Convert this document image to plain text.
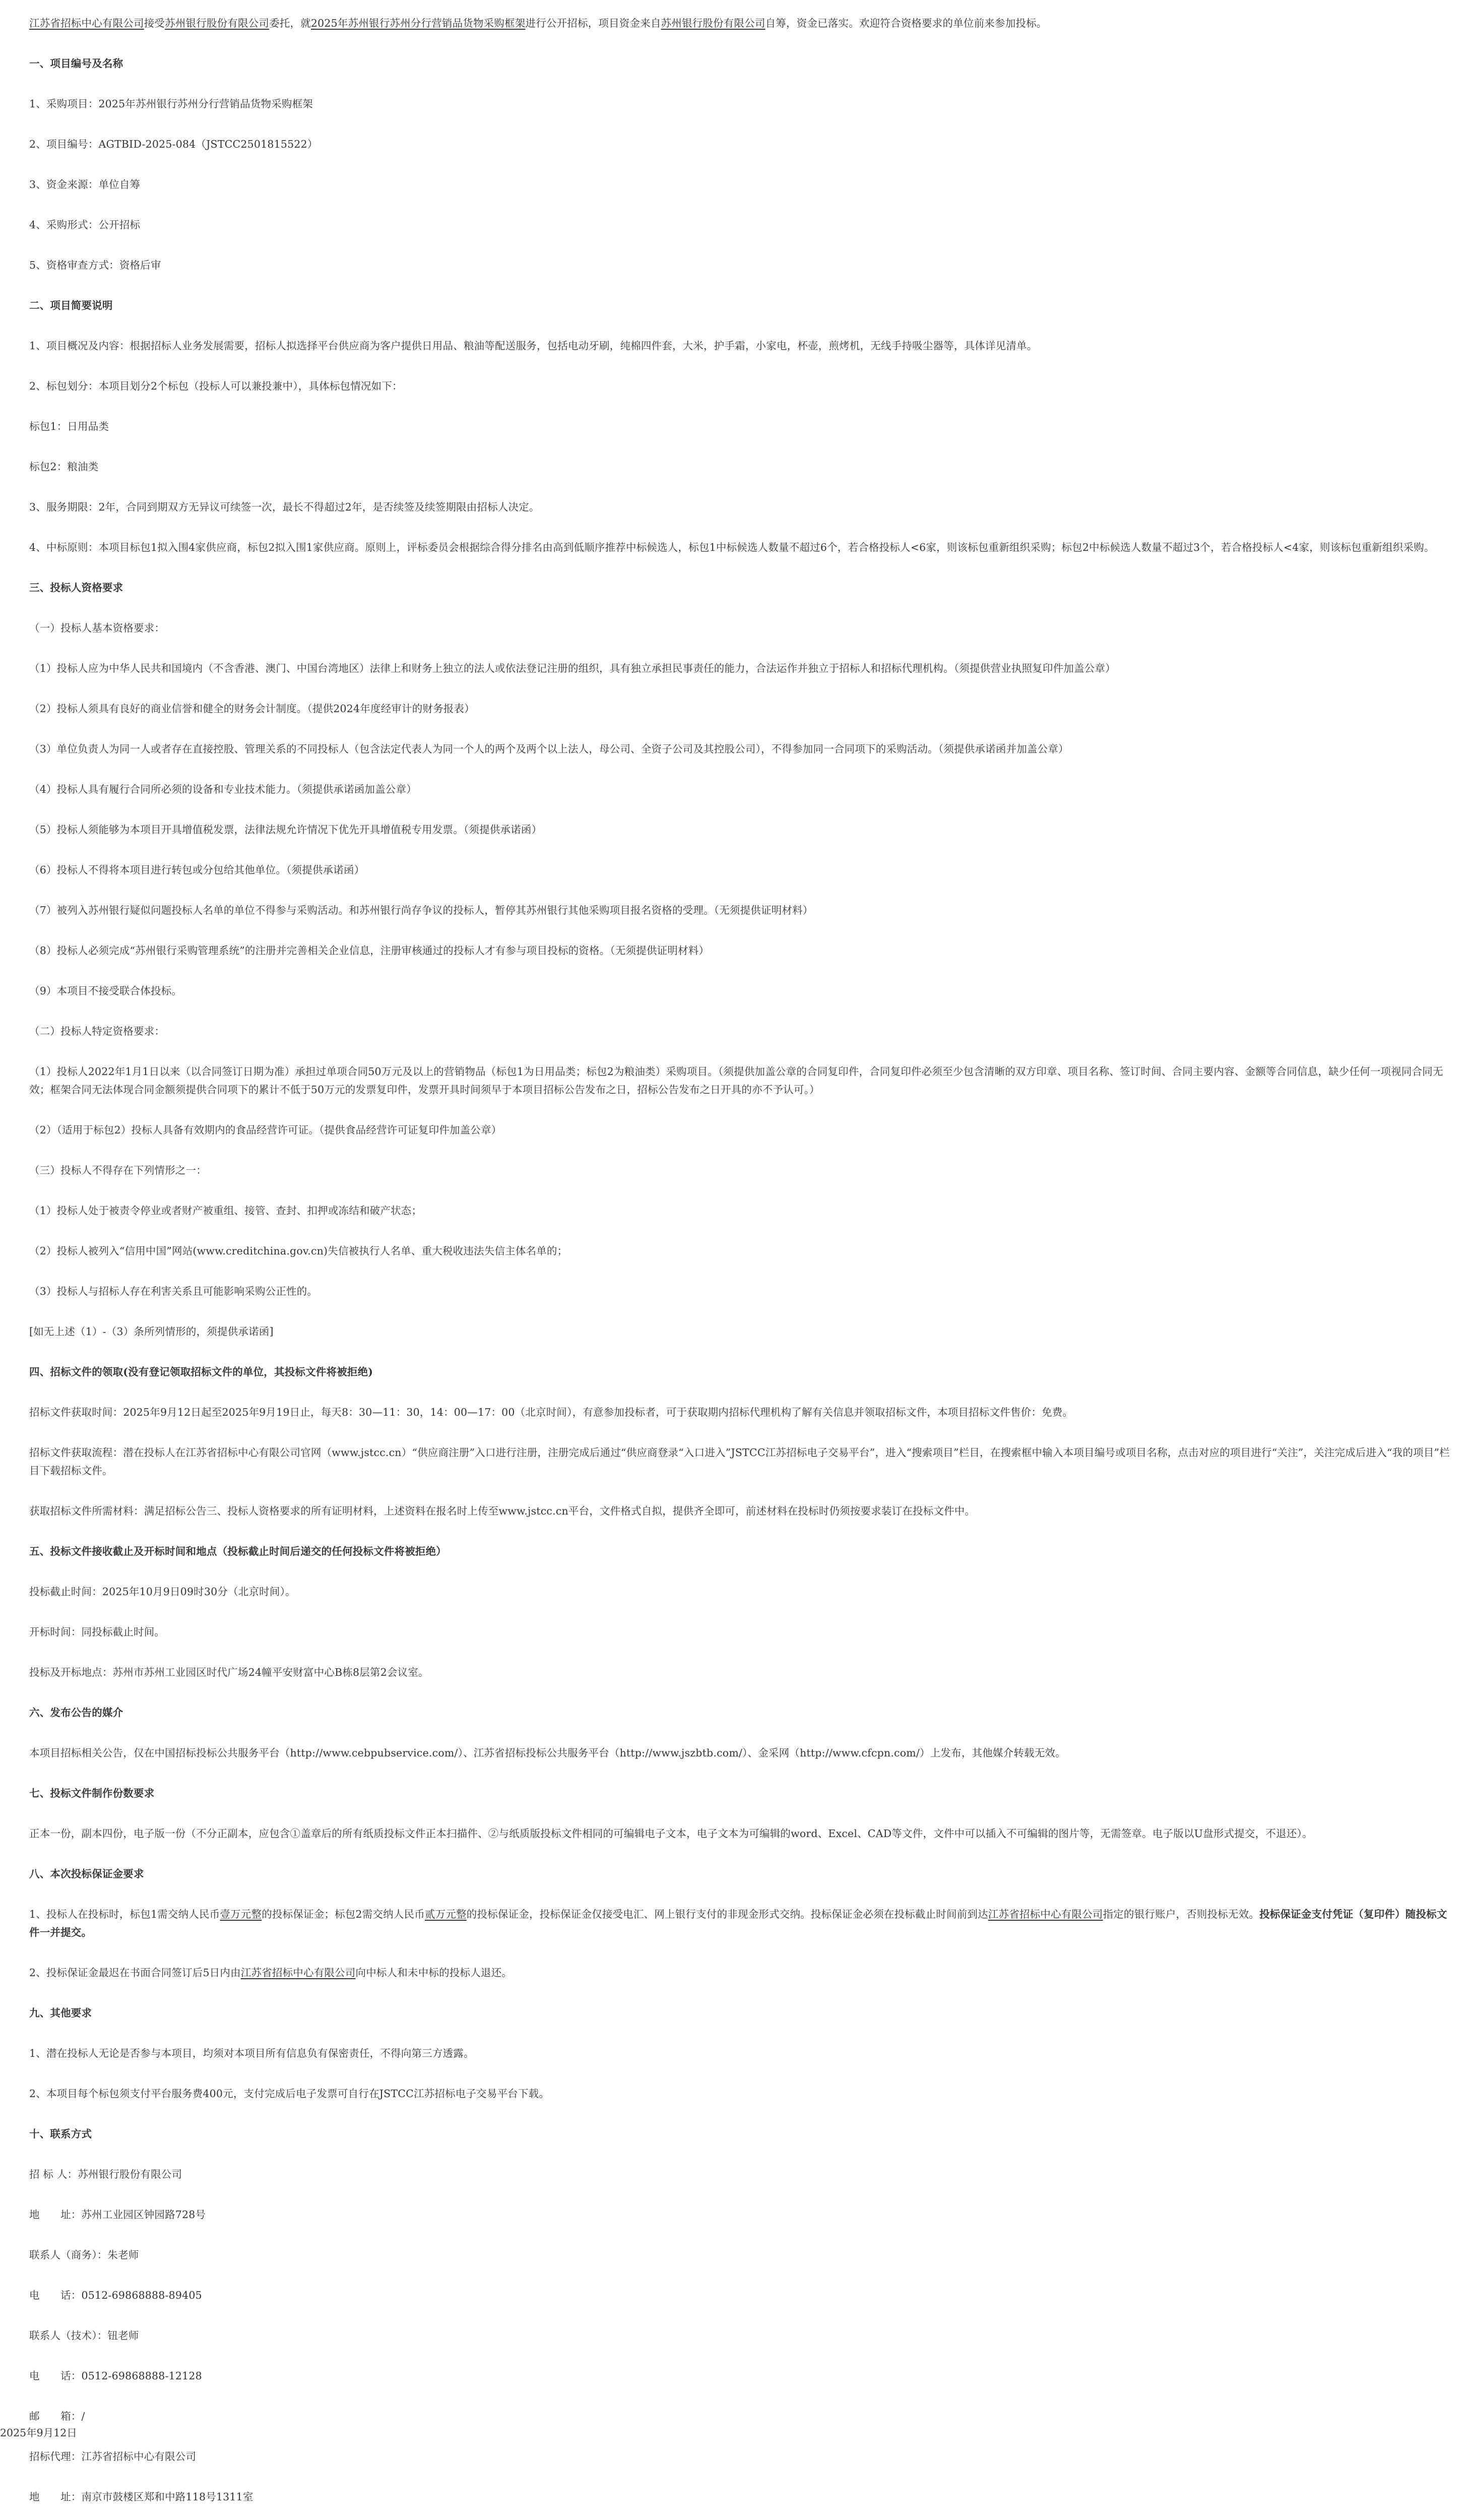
江苏省招标中心有限公司接受苏州银行股份有限公司委托，就2025年苏州银行苏州分行营销品货物采购框架进行公开招标，项目资金来自苏州银行股份有限公司自筹，资金已落实。欢迎符合资格要求的单位前来参加投标。

一、项目编号及名称

1、采购项目：2025年苏州银行苏州分行营销品货物采购框架

2、项目编号：AGTBID-2025-084（JSTCC2501815522）

3、资金来源：单位自筹

4、采购形式：公开招标

5、资格审查方式：资格后审

二、项目简要说明

1、项目概况及内容：根据招标人业务发展需要，招标人拟选择平台供应商为客户提供日用品、粮油等配送服务，包括电动牙刷，纯棉四件套，大米，护手霜，小家电，杯壶，煎烤机，无线手持吸尘器等，具体详见清单。

2、标包划分：本项目划分2个标包（投标人可以兼投兼中），具体标包情况如下：

标包1：日用品类

标包2：粮油类

3、服务期限：2年，合同到期双方无异议可续签一次，最长不得超过2年，是否续签及续签期限由招标人决定。

4、中标原则：本项目标包1拟入围4家供应商，标包2拟入围1家供应商。原则上，评标委员会根据综合得分排名由高到低顺序推荐中标候选人，标包1中标候选人数量不超过6个，若合格投标人<6家，则该标包重新组织采购；标包2中标候选人数量不超过3个，若合格投标人<4家，则该标包重新组织采购。

三、投标人资格要求

（一）投标人基本资格要求：

（1）投标人应为中华人民共和国境内（不含香港、澳门、中国台湾地区）法律上和财务上独立的法人或依法登记注册的组织，具有独立承担民事责任的能力，合法运作并独立于招标人和招标代理机构。（须提供营业执照复印件加盖公章）

（2）投标人须具有良好的商业信誉和健全的财务会计制度。（提供2024年度经审计的财务报表）

（3）单位负责人为同一人或者存在直接控股、管理关系的不同投标人（包含法定代表人为同一个人的两个及两个以上法人，母公司、全资子公司及其控股公司），不得参加同一合同项下的采购活动。（须提供承诺函并加盖公章）

（4）投标人具有履行合同所必须的设备和专业技术能力。（须提供承诺函加盖公章）

（5）投标人须能够为本项目开具增值税发票，法律法规允许情况下优先开具增值税专用发票。（须提供承诺函）

（6）投标人不得将本项目进行转包或分包给其他单位。（须提供承诺函）

（7）被列入苏州银行疑似问题投标人名单的单位不得参与采购活动。和苏州银行尚存争议的投标人，暂停其苏州银行其他采购项目报名资格的受理。（无须提供证明材料）

（8）投标人必须完成“苏州银行采购管理系统”的注册并完善相关企业信息，注册审核通过的投标人才有参与项目投标的资格。（无须提供证明材料）

（9）本项目不接受联合体投标。

（二）投标人特定资格要求：

（1）投标人2022年1月1日以来（以合同签订日期为准）承担过单项合同50万元及以上的营销物品（标包1为日用品类；标包2为粮油类）采购项目。（须提供加盖公章的合同复印件，合同复印件必须至少包含清晰的双方印章、项目名称、签订时间、合同主要内容、金额等合同信息，缺少任何一项视同合同无效；框架合同无法体现合同金额须提供合同项下的累计不低于50万元的发票复印件，发票开具时间须早于本项目招标公告发布之日，招标公告发布之日开具的亦不予认可。）

（2）（适用于标包2）投标人具备有效期内的食品经营许可证。（提供食品经营许可证复印件加盖公章）

（三）投标人不得存在下列情形之一：

（1）投标人处于被责令停业或者财产被重组、接管、查封、扣押或冻结和破产状态；

（2）投标人被列入“信用中国”网站(www.creditchina.gov.cn)失信被执行人名单、重大税收违法失信主体名单的；

（3）投标人与招标人存在利害关系且可能影响采购公正性的。

[如无上述（1）-（3）条所列情形的，须提供承诺函]

四、招标文件的领取(没有登记领取招标文件的单位，其投标文件将被拒绝)

招标文件获取时间：2025年9月12日起至2025年9月19日止，每天8：30—11：30，14：00—17：00（北京时间），有意参加投标者，可于获取期内招标代理机构了解有关信息并领取招标文件，本项目招标文件售价：免费。

招标文件获取流程：潜在投标人在江苏省招标中心有限公司官网（www.jstcc.cn）“供应商注册”入口进行注册，注册完成后通过“供应商登录“入口进入”JSTCC江苏招标电子交易平台”，进入“搜索项目”栏目，在搜索框中输入本项目编号或项目名称，点击对应的项目进行“关注”，关注完成后进入“我的项目”栏目下载招标文件。

获取招标文件所需材料：满足招标公告三、投标人资格要求的所有证明材料，上述资料在报名时上传至www.jstcc.cn平台，文件格式自拟，提供齐全即可，前述材料在投标时仍须按要求装订在投标文件中。

五、投标文件接收截止及开标时间和地点（投标截止时间后递交的任何投标文件将被拒绝）

投标截止时间：2025年10月9日09时30分（北京时间）。

开标时间：同投标截止时间。

投标及开标地点：苏州市苏州工业园区时代广场24幢平安财富中心B栋8层第2会议室。

六、发布公告的媒介

本项目招标相关公告，仅在中国招标投标公共服务平台（http://www.cebpubservice.com/）、江苏省招标投标公共服务平台（http://www.jszbtb.com/）、金采网（http://www.cfcpn.com/）上发布，其他媒介转载无效。

七、投标文件制作份数要求

正本一份，副本四份，电子版一份（不分正副本，应包含①盖章后的所有纸质投标文件正本扫描件、②与纸质版投标文件相同的可编辑电子文本，电子文本为可编辑的word、Excel、CAD等文件，文件中可以插入不可编辑的图片等，无需签章。电子版以U盘形式提交，不退还）。

八、本次投标保证金要求

1、投标人在投标时，标包1需交纳人民币壹万元整的投标保证金；标包2需交纳人民币贰万元整的投标保证金，投标保证金仅接受电汇、网上银行支付的非现金形式交纳。投标保证金必须在投标截止时间前到达江苏省招标中心有限公司指定的银行账户，否则投标无效。投标保证金支付凭证（复印件）随投标文件一并提交。

2、投标保证金最迟在书面合同签订后5日内由江苏省招标中心有限公司向中标人和未中标的投标人退还。

九、其他要求

1、潜在投标人无论是否参与本项目，均须对本项目所有信息负有保密责任，不得向第三方透露。

2、本项目每个标包须支付平台服务费400元，支付完成后电子发票可自行在JSTCC江苏招标电子交易平台下载。

十、联系方式

招 标 人：苏州银行股份有限公司

地　　址：苏州工业园区钟园路728号

联系人（商务）：朱老师

电　　话：0512-69868888-89405

联系人（技术）：钮老师

电　　话：0512-69868888-12128

邮　　箱：/

招标代理：江苏省招标中心有限公司

地　　址：南京市鼓楼区郑和中路118号1311室

2025年9月12日
